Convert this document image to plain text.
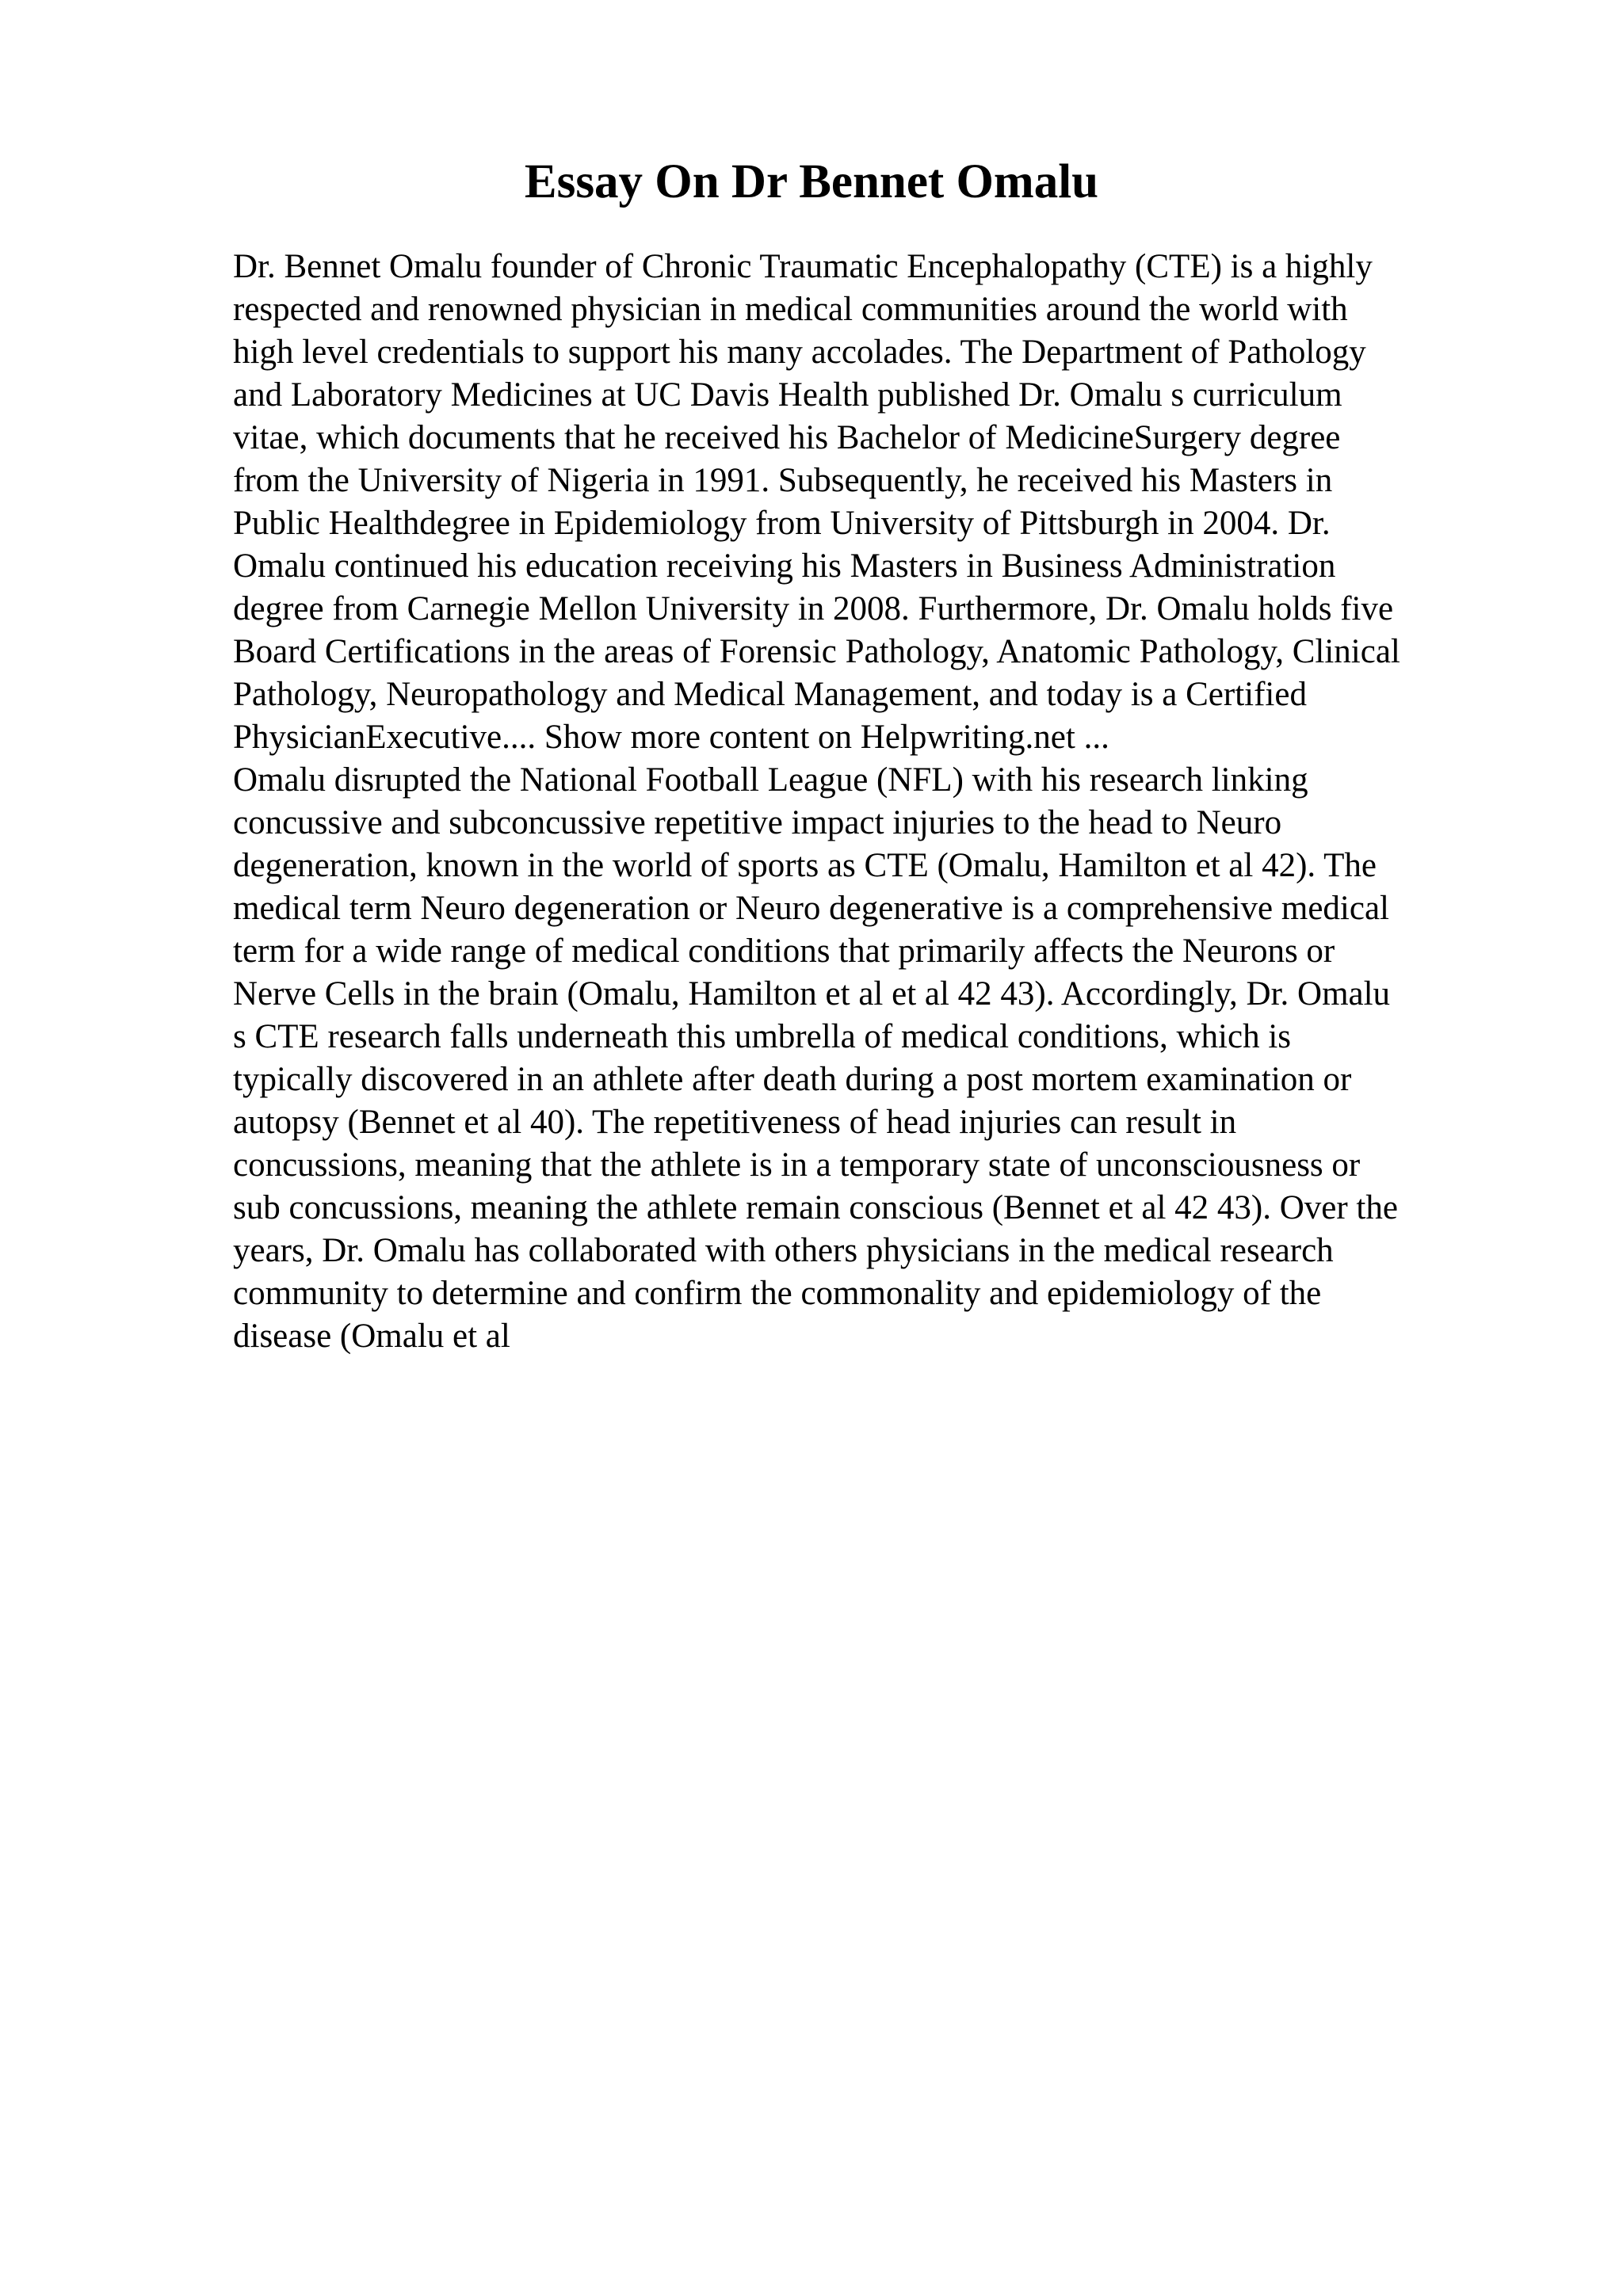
Essay On Dr Bennet Omalu
Dr. Bennet Omalu founder of Chronic Traumatic Encephalopathy (CTE) is a highly
respected and renowned physician in medical communities around the world with
high level credentials to support his many accolades. The Department of Pathology
and Laboratory Medicines at UC Davis Health published Dr. Omalu s curriculum
vitae, which documents that he received his Bachelor of MedicineSurgery degree
from the University of Nigeria in 1991. Subsequently, he received his Masters in
Public Healthdegree in Epidemiology from University of Pittsburgh in 2004. Dr.
Omalu continued his education receiving his Masters in Business Administration
degree from Carnegie Mellon University in 2008. Furthermore, Dr. Omalu holds five
Board Certifications in the areas of Forensic Pathology, Anatomic Pathology, Clinical
Pathology, Neuropathology and Medical Management, and today is a Certified
PhysicianExecutive.... Show more content on Helpwriting.net ...
Omalu disrupted the National Football League (NFL) with his research linking
concussive and subconcussive repetitive impact injuries to the head to Neuro
degeneration, known in the world of sports as CTE (Omalu, Hamilton et al 42). The
medical term Neuro degeneration or Neuro degenerative is a comprehensive medical
term for a wide range of medical conditions that primarily affects the Neurons or
Nerve Cells in the brain (Omalu, Hamilton et al et al 42 43). Accordingly, Dr. Omalu
s CTE research falls underneath this umbrella of medical conditions, which is
typically discovered in an athlete after death during a post mortem examination or
autopsy (Bennet et al 40). The repetitiveness of head injuries can result in
concussions, meaning that the athlete is in a temporary state of unconsciousness or
sub concussions, meaning the athlete remain conscious (Bennet et al 42 43). Over the
years, Dr. Omalu has collaborated with others physicians in the medical research
community to determine and confirm the commonality and epidemiology of the
disease (Omalu et al
